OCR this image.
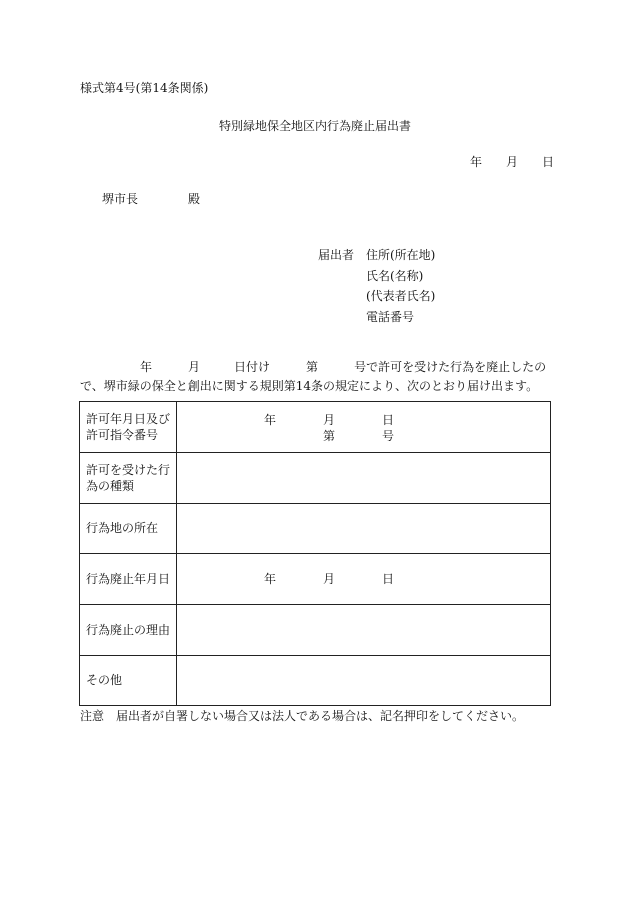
様式第4号(第14条関係)
特別緑地保全地区内行為廃止届出書
年 月 日
堺市長	殿
届出者 住所(所在地)
氏名(名称)
(代表者氏名)
電話番号
年	月	日付け	第	号で許可を受けた行為を廃止したの
で、堺市緑の保全と創出に関する規則第14条の規定により、次のとおり届け出ます。
許可年月日及び許可指令番号	年 月 日
第 号

許可を受けた行為の種類	

行為地の所在	
行為廃止年月日	年 月 日

行為廃止の理由	
その他	
注意　届出者が自署しない場合又は法人である場合は、記名押印をしてください。
